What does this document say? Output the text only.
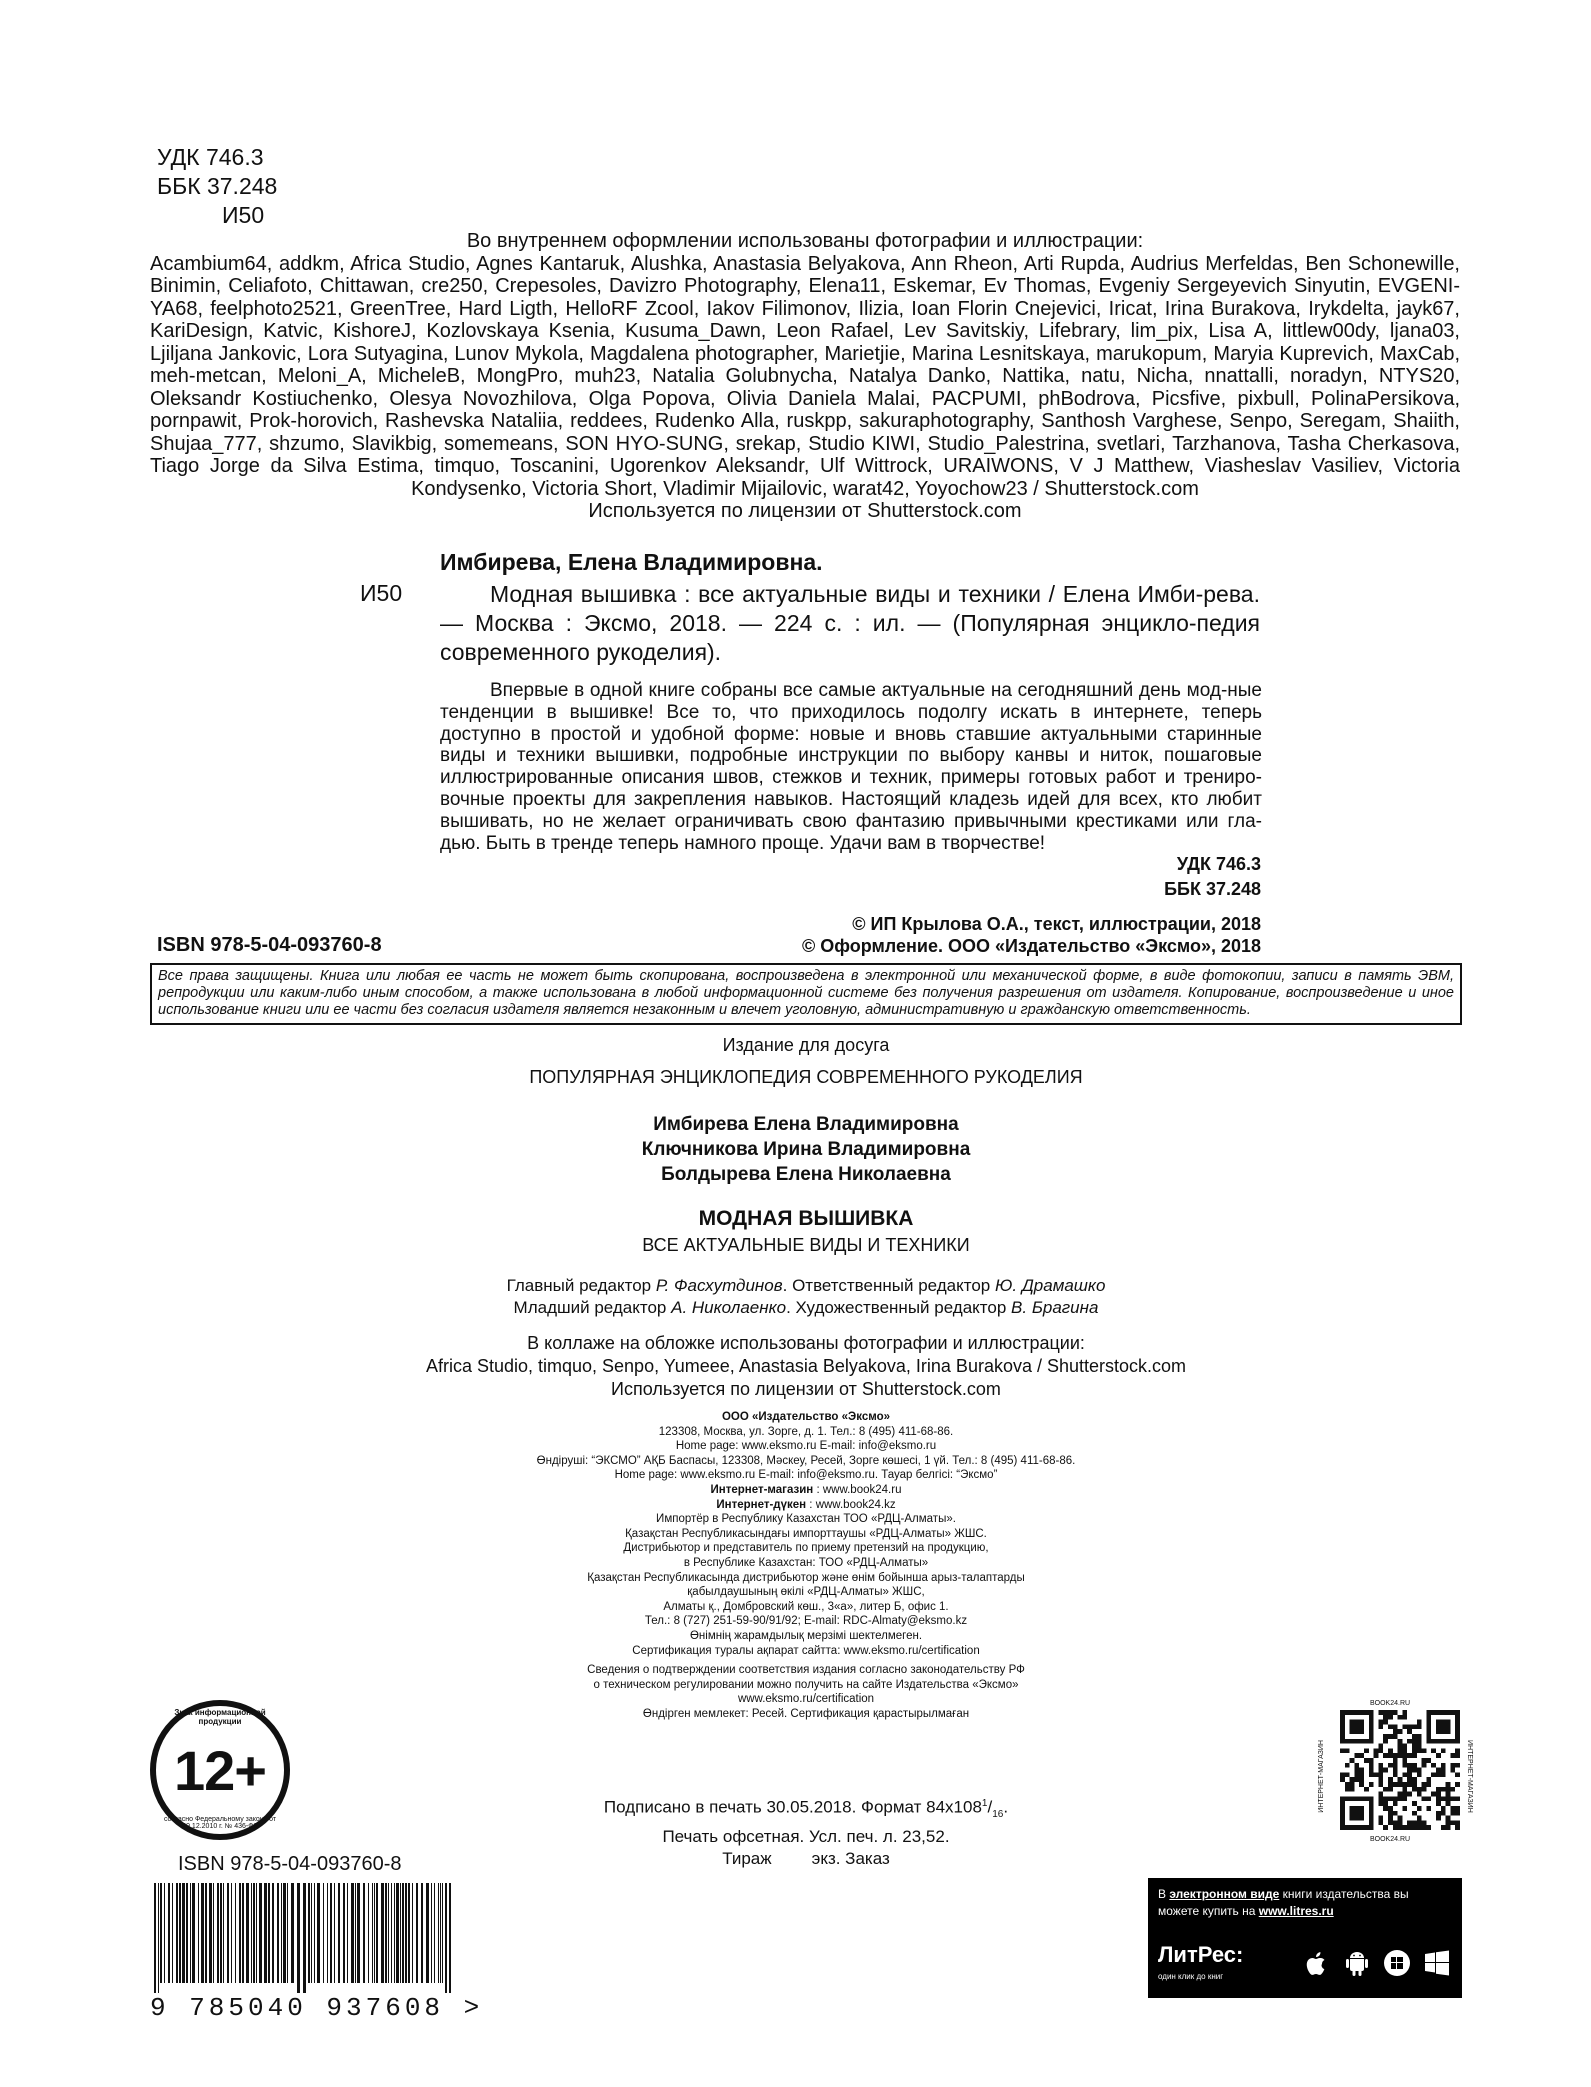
УДК 746.3
ББК 37.248

И50

Во внутреннем оформлении использованы фотографии и иллюстрации:

Acambium64, addkm, Africa Studio, Agnes Kantaruk, Alushka, Anastasia Belyakova, Ann Rheon, Arti Rupda, Audrius Merfeldas, Ben Schonewille, Binimin, Celiafoto, Chittawan, cre250, Crepesoles, Davizro Photography, Elena11, Eskemar, Ev Thomas, Evgeniy Sergeyevich Sinyutin, EVGENI-YA68, feelphoto2521, GreenTree, Hard Ligth, HelloRF Zcool, Iakov Filimonov, Ilizia, Ioan Florin Cnejevici, Iricat, Irina Burakova, Irykdelta, jayk67, KariDesign, Katvic, KishoreJ, Kozlovskaya Ksenia, Kusuma_Dawn, Leon Rafael, Lev Savitskiy, Lifebrary, lim_pix, Lisa A, littlew00dy, ljana03, Ljiljana Jankovic, Lora Sutyagina, Lunov Mykola, Magdalena photographer, Marietjie, Marina Lesnitskaya, marukopum, Maryia Kuprevich, MaxCab, meh-metcan, Meloni_A, MicheleB, MongPro, muh23, Natalia Golubnycha, Natalya Danko, Nattika, natu, Nicha, nnattalli, noradyn, NTYS20, Oleksandr Kostiuchenko, Olesya Novozhilova, Olga Popova, Olivia Daniela Malai, PACPUMI, phBodrova, Picsfive, pixbull, PolinaPersikova, pornpawit, Prok-horovich, Rashevska Nataliia, reddees, Rudenko Alla, ruskpp, sakuraphotography, Santhosh Varghese, Senpo, Seregam, Shaiith, Shujaa_777, shzumo, Slavikbig, somemeans, SON HYO-SUNG, srekap, Studio KIWI, Studio_Palestrina, svetlari, Tarzhanova, Tasha Cherkasova, Tiago Jorge da Silva Estima, timquo, Toscanini, Ugorenkov Aleksandr, Ulf Wittrock, URAIWONS, V J Matthew, Viasheslav Vasiliev, Victoria Kondysenko, Victoria Short, Vladimir Mijailovic, warat42, Yoyochow23 / Shutterstock.com

Используется по лицензии от Shutterstock.com

Имбирева, Елена Владимировна.
И50	Модная вышивка : все актуальные виды и техники / Елена Имби-рева. — Москва : Эксмо, 2018. — 224 с. : ил. — (Популярная энцикло-педия современного рукоделия).
Впервые в одной книге собраны все самые актуальные на сегодняшний день мод-ные тенденции в вышивке! Все то, что приходилось подолгу искать в интернете, теперь доступно в простой и удобной форме: новые и вновь ставшие актуальными старинные виды и техники вышивки, подробные инструкции по выбору канвы и ниток, пошаговые иллюстрированные описания швов, стежков и техник, примеры готовых работ и трениро-вочные проекты для закрепления навыков. Настоящий кладезь идей для всех, кто любит вышивать, но не желает ограничивать свою фантазию привычными крестиками или гла-дью. Быть в тренде теперь намного проще. Удачи вам в творчестве!
УДК 746.3
ББК 37.248
© ИП Крылова О.А., текст, иллюстрации, 2018
© Оформление. ООО «Издательство «Эксмо», 2018
ISBN 978-5-04-093760-8
Все права защищены. Книга или любая ее часть не может быть скопирована, воспроизведена в электронной или механической форме, в виде фотокопии, записи в память ЭВМ, репродукции или каким-либо иным способом, а также использована в любой информационной системе без получения разрешения от издателя. Копирование, воспроизведение и иное использование книги или ее части без согласия издателя является незаконным и влечет уголовную, административную и гражданскую ответственность.
Издание для досуга
ПОПУЛЯРНАЯ ЭНЦИКЛОПЕДИЯ СОВРЕМЕННОГО РУКОДЕЛИЯ
Имбирева Елена Владимировна
Ключникова Ирина Владимировна
Болдырева Елена Николаевна
МОДНАЯ ВЫШИВКА
ВСЕ АКТУАЛЬНЫЕ ВИДЫ И ТЕХНИКИ
Главный редактор Р. Фасхутдинов. Ответственный редактор Ю. Драмашко
Младший редактор А. Николаенко. Художественный редактор В. Брагина
В коллаже на обложке использованы фотографии и иллюстрации:
Africa Studio, timquo, Senpo, Yumeee, Anastasia Belyakova, Irina Burakova / Shutterstock.com
Используется по лицензии от Shutterstock.com
ООО «Издательство «Эксмо»
123308, Москва, ул. Зорге, д. 1. Тел.: 8 (495) 411-68-86.
Home page: www.eksmo.ru E-mail: info@eksmo.ru
Өндіруші: “ЭКСМО” АҚБ Баспасы, 123308, Мәскеу, Ресей, Зорге көшесі, 1 үй. Тел.: 8 (495) 411-68-86.
Home page: www.eksmo.ru E-mail: info@eksmo.ru. Тауар белгісі: “Эксмо”
Интернет-магазин : www.book24.ru
Интернет-дүкен : www.book24.kz
Импортёр в Республику Казахстан ТОО «РДЦ-Алматы».
Қазақстан Республикасындағы импорттаушы «РДЦ-Алматы» ЖШС.
Дистрибьютор и представитель по приему претензий на продукцию,
в Республике Казахстан: ТОО «РДЦ-Алматы»
Қазақстан Республикасында дистрибьютор және өнім бойынша арыз-талаптарды
қабылдаушының өкілі «РДЦ-Алматы» ЖШС,
Алматы қ., Домбровский көш., 3«а», литер Б, офис 1.
Тел.: 8 (727) 251-59-90/91/92; E-mail: RDC-Almaty@eksmo.kz
Өнімнің жарамдылық мерзімі шектелмеген.
Сертификация туралы ақпарат сайтта: www.eksmo.ru/certification
Сведения о подтверждении соответствия издания согласно законодательству РФ
о техническом регулировании можно получить на сайте Издательства «Эксмо»
www.eksmo.ru/certification
Өндірген мемлекет: Ресей. Сертификация қарастырылмаған
Подписано в печать 30.05.2018. Формат $84x108^1/_{16}$.
Печать офсетная. Усл. печ. л. 23,52.
Тираж экз. Заказ
Знак информационной продукции
12+
согласно Федеральному закону от 29.12.2010 г. № 436-ФЗ
ISBN 978-5-04-093760-8
9 785040 937608 >
BOOK24.RU
ИНТЕРНЕТ-МАГАЗИН	ИНТЕРНЕТ-МАГАЗИН
BOOK24.RU
В электронном виде книги издательства вы можете купить на www.litres.ru
ЛитРес:
один клик до книг
